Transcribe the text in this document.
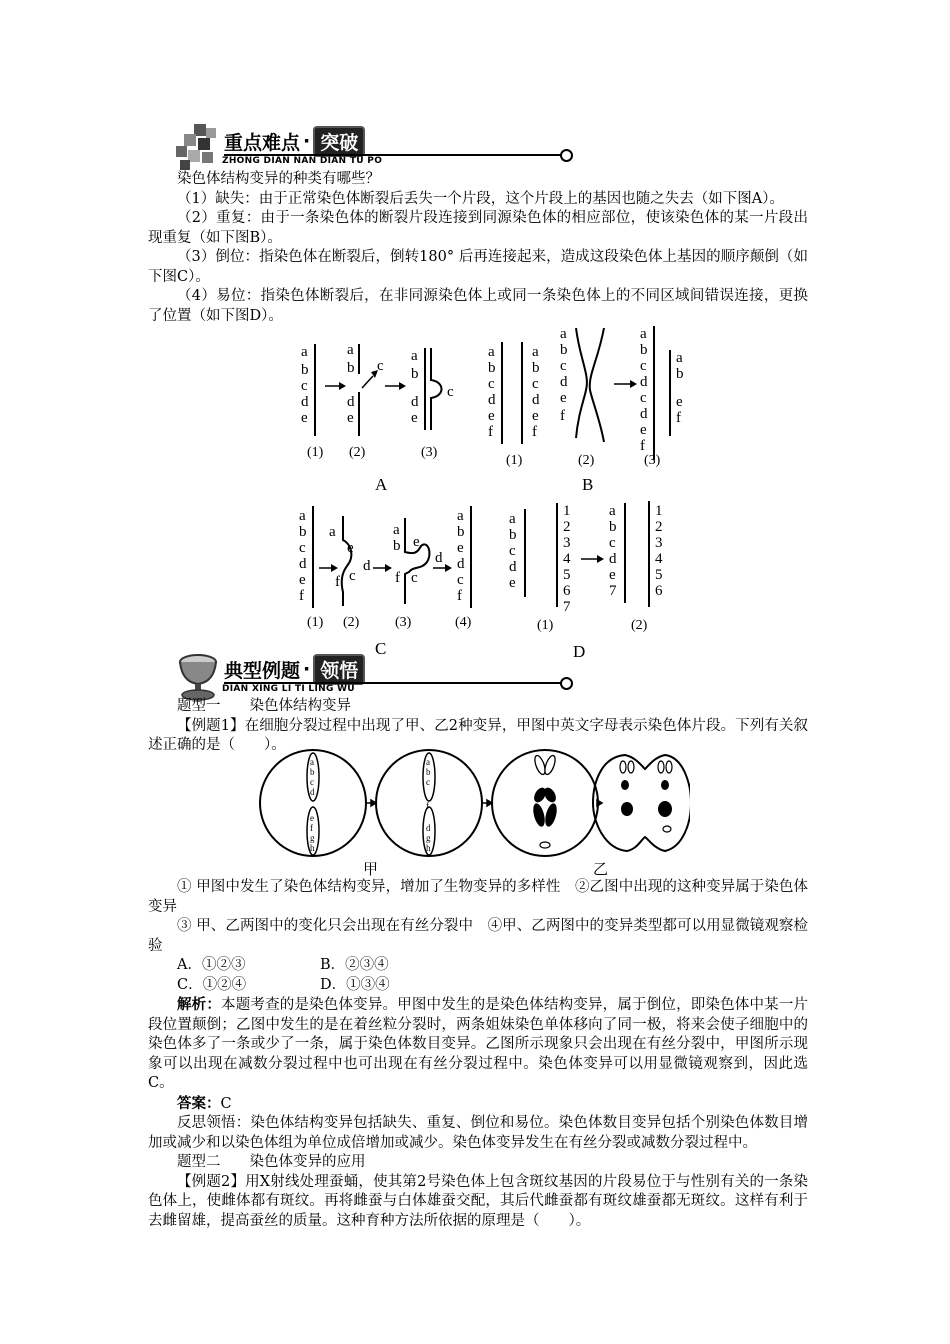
重点难点 · 突破
ZHONG DIAN NAN DIAN TU PO

染色体结构变异的种类有哪些？

（1）缺失：由于正常染色体断裂后丢失一个片段，这个片段上的基因也随之失去（如下图A）。

（2）重复：由于一条染色体的断裂片段连接到同源染色体的相应部位，使该染色体的某一片段出现重复（如下图B）。

（3）倒位：指染色体在断裂后，倒转180° 后再连接起来，造成这段染色体上基因的顺序颠倒（如下图C）。

（4）易位：指染色体断裂后，在非同源染色体上或同一条染色体上的不同区域间错误连接，更换了位置（如下图D）。

a
b
c
d
e
a
b c
d
e
a
b
d
e
c
(1) (2)	(3)
A
a
b
c
d
e
f
a
b
c
d
e
f
a
b
c
d
e
f
a
b
c
d
c
d
e
f
a
b
e
f
(1)	(2)	(3)
B
a
b
c
d
e
f
a
e
d
f c
a
b e
d
f c
a
b
e
d
c
f
(1) (2)	(3)	(4)
C
a
b
c
d
e
1
2
3
4
5
6
7
a
b
c
d
e
7
1
2
3
4
5
6
(1)	(2)
D
典型例题 · 领悟
DIAN XING LI TI LING WU

题型一　　染色体结构变异

【例题1】在细胞分裂过程中出现了甲、乙2种变异，甲图中英文字母表示染色体片段。下列有关叙述正确的是（　　）。

a
b
c
d
e
f
g
h
a
b
c
f
d
g
h
甲	乙

① 甲图中发生了染色体结构变异，增加了生物变异的多样性　②乙图中出现的这种变异属于染色体变异

③ 甲、乙两图中的变化只会出现在有丝分裂中　④甲、乙两图中的变异类型都可以用显微镜观察检验

A．①②③	B．②③④

C．①②④	D．①③④

解析：本题考查的是染色体变异。甲图中发生的是染色体结构变异，属于倒位，即染色体中某一片段位置颠倒；乙图中发生的是在着丝粒分裂时，两条姐妹染色单体移向了同一极，将来会使子细胞中的染色体多了一条或少了一条，属于染色体数目变异。乙图所示现象只会出现在有丝分裂中，甲图所示现象可以出现在减数分裂过程中也可出现在有丝分裂过程中。染色体变异可以用显微镜观察到，因此选C。

答案：C

反思领悟：染色体结构变异包括缺失、重复、倒位和易位。染色体数目变异包括个别染色体数目增加或减少和以染色体组为单位成倍增加或减少。染色体变异发生在有丝分裂或减数分裂过程中。

题型二　　染色体变异的应用

【例题2】用X射线处理蚕蛹，使其第2号染色体上包含斑纹基因的片段易位于与性别有关的一条染色体上，使雌体都有斑纹。再将雌蚕与白体雄蚕交配，其后代雌蚕都有斑纹雄蚕都无斑纹。这样有利于去雌留雄，提高蚕丝的质量。这种育种方法所依据的原理是（　　）。
